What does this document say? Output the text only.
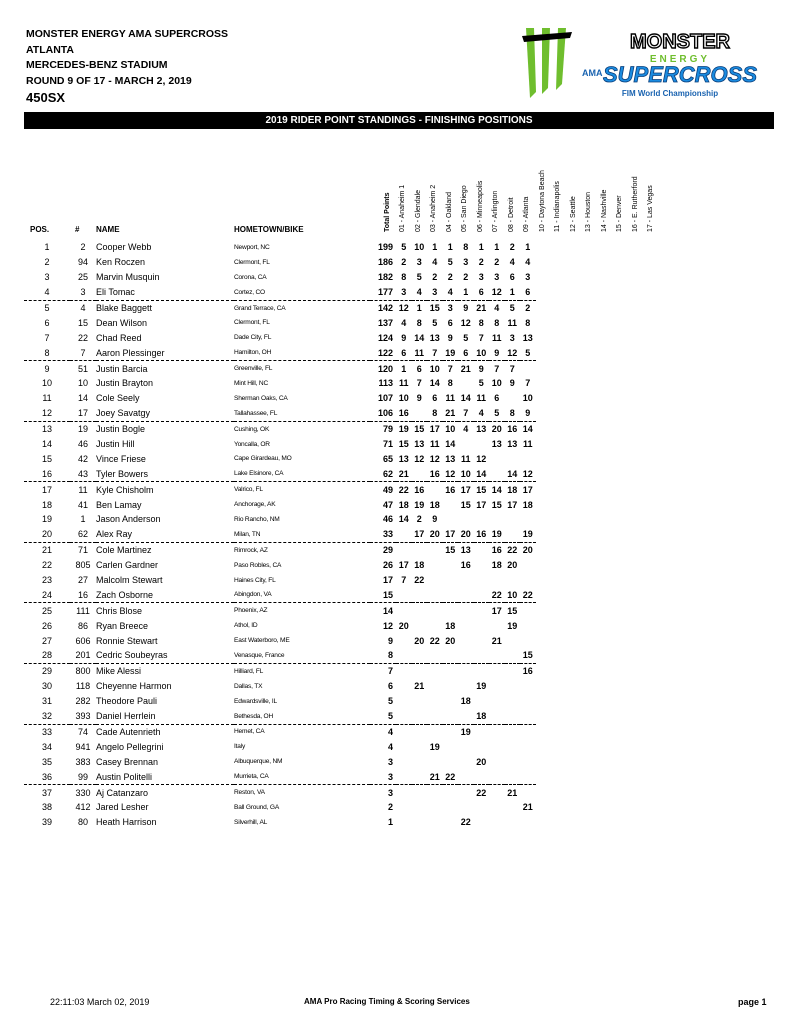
MONSTER ENERGY AMA SUPERCROSS
ATLANTA
MERCEDES-BENZ STADIUM
ROUND 9 OF 17 - MARCH 2, 2019
450SX
MONSTER
ENERGY
AMA SUPERCROSS
FIM World Championship
2019 RIDER POINT STANDINGS - FINISHING POSITIONS
POS.	# NAME	HOMETOWN/BIKE	Total Points 01 - Anaheim 1 02 - Glendale 03 - Anaheim 2 04 - Oakland 05 - San Diego 06 - Minneapolis 07 - Arlington 08 - Detroit 09 - Atlanta 10 - Daytona Beach 11 - Indianapolis 12 - Seattle 13 - Houston 14 - Nashville 15 - Denver 16 - E. Rutherford 17 - Las Vegas
1	2	Cooper Webb	Newport, NC	199	5	10	1	1	8	1	1	2	1
2	94	Ken Roczen	Clermont, FL	186	2	3	4	5	3	2	2	4	4
3	25	Marvin Musquin	Corona, CA	182	8	5	2	2	2	3	3	6	3
4	3	Eli Tomac	Cortez, CO	177	3	4	3	4	1	6	12	1	6
5	4	Blake Baggett	Grand Terrace, CA	142	12	1	15	3	9	21	4	5	2
6	15	Dean Wilson	Clermont, FL	137	4	8	5	6	12	8	8	11	8
7	22	Chad Reed	Dade City, FL	124	9	14	13	9	5	7	11	3	13
8	7	Aaron Plessinger	Hamilton, OH	122	6	11	7	19	6	10	9	12	5
9	51	Justin Barcia	Greenville, FL	120	1	6	10	7	21	9	7	7	
10	10	Justin Brayton	Mint Hill, NC	113	11	7	14	8		5	10	9	7
11	14	Cole Seely	Sherman Oaks, CA	107	10	9	6	11	14	11	6		10
12	17	Joey Savatgy	Tallahassee, FL	106	16		8	21	7	4	5	8	9
13	19	Justin Bogle	Cushing, OK	79	19	15	17	10	4	13	20	16	14
14	46	Justin Hill	Yoncalla, OR	71	15	13	11	14			13	13	11
15	42	Vince Friese	Cape Girardeau, MO	65	13	12	12	13	11	12			
16	43	Tyler Bowers	Lake Elsinore, CA	62	21		16	12	10	14		14	12
17	11	Kyle Chisholm	Valrico, FL	49	22	16		16	17	15	14	18	17
18	41	Ben Lamay	Anchorage, AK	47	18	19	18		15	17	15	17	18
19	1	Jason Anderson	Rio Rancho, NM	46	14	2	9						
20	62	Alex Ray	Milan, TN	33		17	20	17	20	16	19		19
21	71	Cole Martinez	Rimrock, AZ	29				15	13		16	22	20
22	805	Carlen Gardner	Paso Robles, CA	26	17	18			16		18	20	
23	27	Malcolm Stewart	Haines City, FL	17	7	22							
24	16	Zach Osborne	Abingdon, VA	15							22	10	22
25	111	Chris Blose	Phoenix, AZ	14							17	15	
26	86	Ryan Breece	Athol, ID	12	20			18				19	
27	606	Ronnie Stewart	East Waterboro, ME	9		20	22	20			21		
28	201	Cedric Soubeyras	Venasque, France	8									15
29	800	Mike Alessi	Hilliard, FL	7									16
30	118	Cheyenne Harmon	Dallas, TX	6		21				19			
31	282	Theodore Pauli	Edwardsville, IL	5					18				
32	393	Daniel Herrlein	Bethesda, OH	5						18			
33	74	Cade Autenrieth	Hemet, CA	4					19				
34	941	Angelo Pellegrini	Italy	4			19						
35	383	Casey Brennan	Albuquerque, NM	3						20			
36	99	Austin Politelli	Murrieta, CA	3			21	22					
37	330	Aj Catanzaro	Reston, VA	3						22		21	
38	412	Jared Lesher	Ball Ground, GA	2									21
39	80	Heath Harrison	Silverhill, AL	1					22				
22:11:03 March 02, 2019	AMA Pro Racing Timing & Scoring Services	page 1
